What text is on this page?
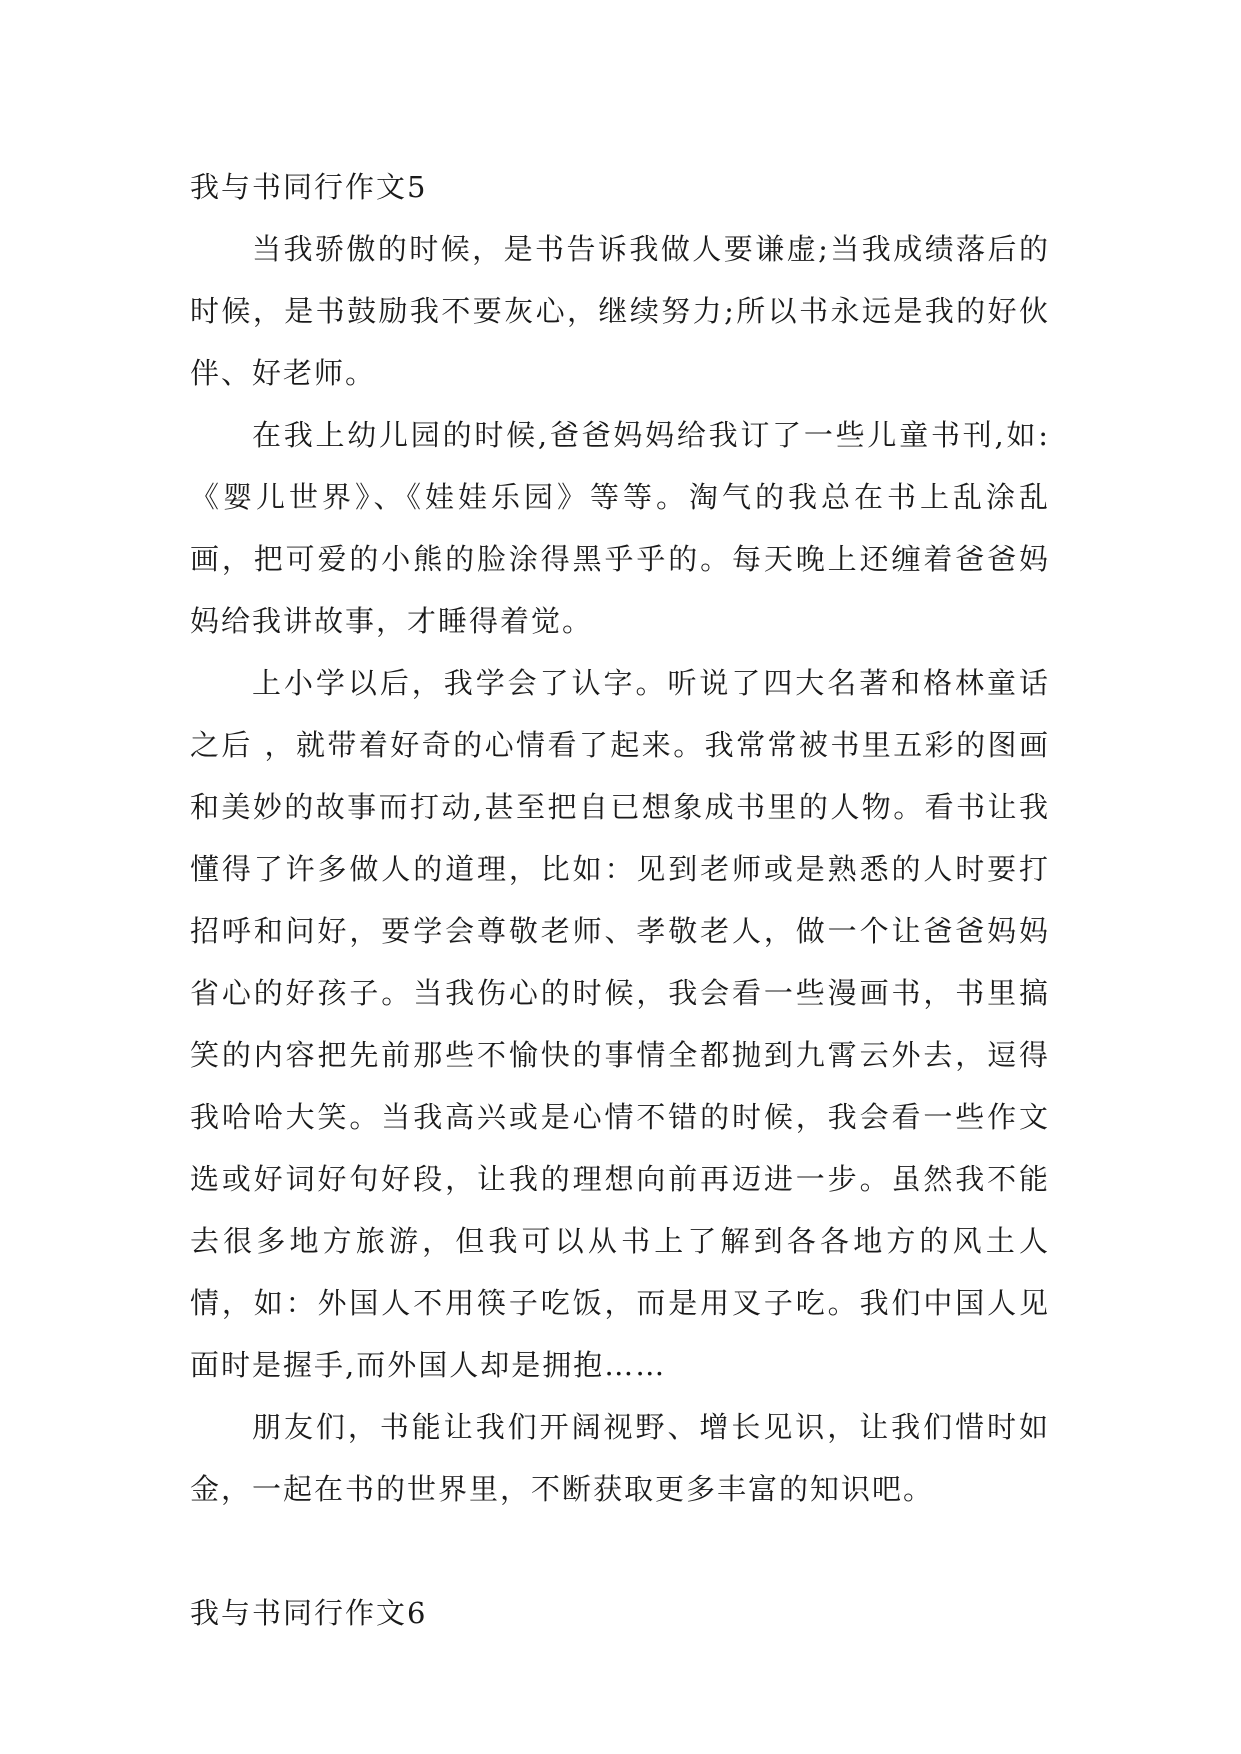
我与书同行作文5

当我骄傲的时候，是书告诉我做人要谦虚;当我成绩落后的时候，是书鼓励我不要灰心，继续努力;所以书永远是我的好伙伴、好老师。

在我上幼儿园的时候,爸爸妈妈给我订了一些儿童书刊,如:《婴儿世界》、《娃娃乐园》等等。淘气的我总在书上乱涂乱画，把可爱的小熊的脸涂得黑乎乎的。每天晚上还缠着爸爸妈妈给我讲故事，才睡得着觉。

上小学以后，我学会了认字。听说了四大名著和格林童话之后 ，就带着好奇的心情看了起来。我常常被书里五彩的图画和美妙的故事而打动,甚至把自已想象成书里的人物。看书让我懂得了许多做人的道理，比如：见到老师或是熟悉的人时要打招呼和问好，要学会尊敬老师、孝敬老人，做一个让爸爸妈妈省心的好孩子。当我伤心的时候，我会看一些漫画书，书里搞笑的内容把先前那些不愉快的事情全都抛到九霄云外去，逗得我哈哈大笑。当我高兴或是心情不错的时候，我会看一些作文选或好词好句好段，让我的理想向前再迈进一步。虽然我不能去很多地方旅游，但我可以从书上了解到各各地方的风土人情，如：外国人不用筷子吃饭，而是用叉子吃。我们中国人见面时是握手,而外国人却是拥抱……

朋友们，书能让我们开阔视野、增长见识，让我们惜时如金，一起在书的世界里，不断获取更多丰富的知识吧。

我与书同行作文6
